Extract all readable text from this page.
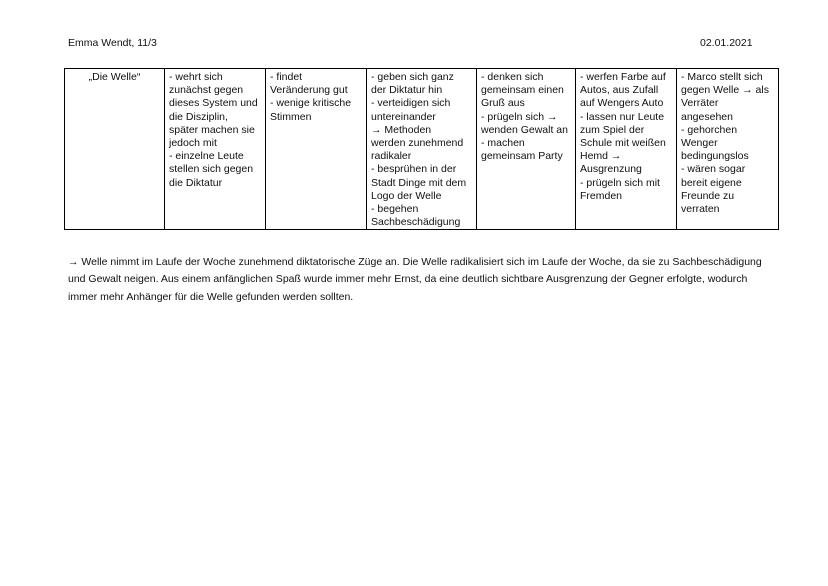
Emma Wendt, 11/3	02.01.2021
„Die Welle“	- wehrt sich
zunächst gegen
dieses System und
die Disziplin,
später machen sie
jedoch mit
- einzelne Leute
stellen sich gegen
die Diktatur	- findet
Veränderung gut
- wenige kritische
Stimmen	- geben sich ganz
der Diktatur hin
- verteidigen sich
untereinander
→ Methoden
werden zunehmend
radikaler
- besprühen in der
Stadt Dinge mit dem
Logo der Welle
- begehen
Sachbeschädigung	- denken sich
gemeinsam einen
Gruß aus
- prügeln sich →
wenden Gewalt an
- machen
gemeinsam Party	- werfen Farbe auf
Autos, aus Zufall
auf Wengers Auto
- lassen nur Leute
zum Spiel der
Schule mit weißen
Hemd →
Ausgrenzung
- prügeln sich mit
Fremden	- Marco stellt sich
gegen Welle → als
Verräter
angesehen
- gehorchen
Wenger
bedingungslos
- wären sogar
bereit eigene
Freunde zu
verraten

→ Welle nimmt im Laufe der Woche zunehmend diktatorische Züge an. Die Welle radikalisiert sich im Laufe der Woche, da sie zu Sachbeschädigung und Gewalt neigen. Aus einem anfänglichen Spaß wurde immer mehr Ernst, da eine deutlich sichtbare Ausgrenzung der Gegner erfolgte, wodurch immer mehr Anhänger für die Welle gefunden werden sollten.
